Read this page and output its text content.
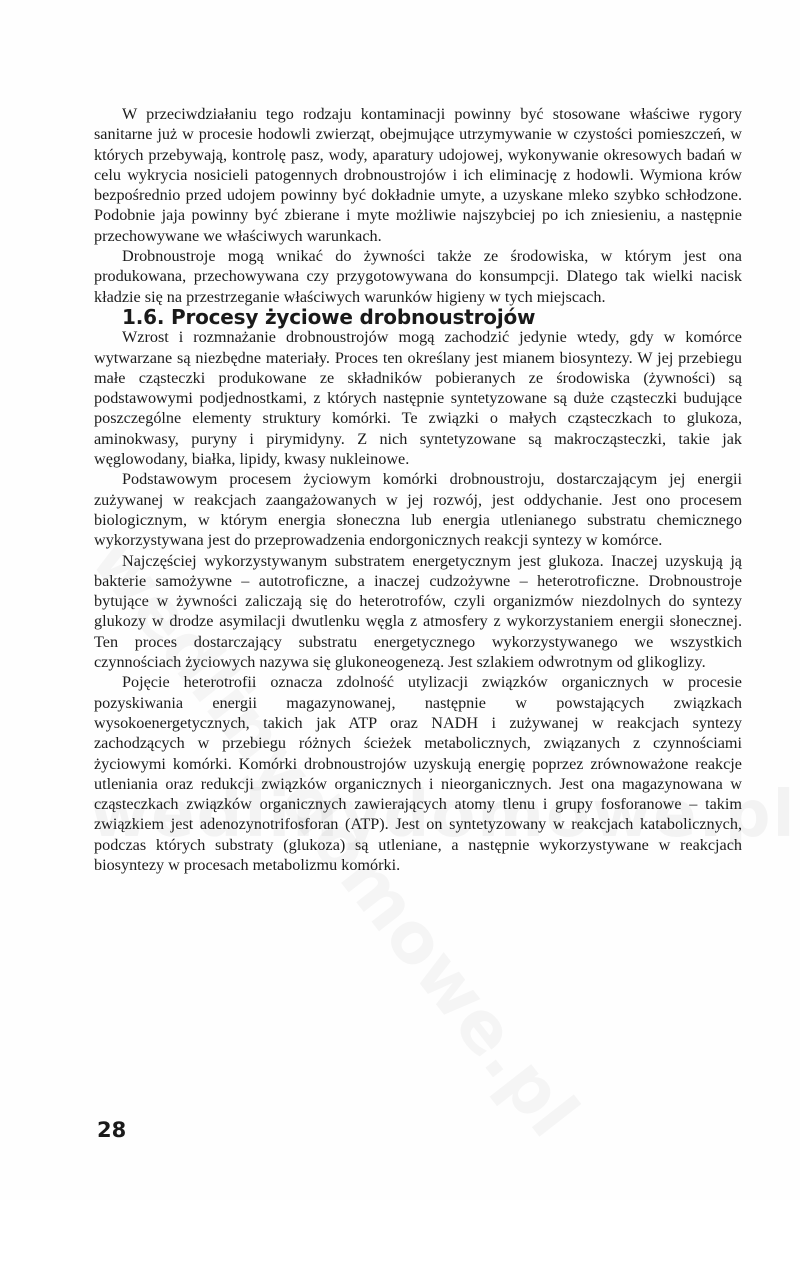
W przeciwdziałaniu tego rodzaju kontaminacji powinny być stosowane właściwe rygory sanitarne już w procesie hodowli zwierząt, obejmujące utrzymywanie w czystości pomieszczeń, w których przebywają, kontrolę pasz, wody, aparatury udojowej, wykonywanie okresowych badań w celu wykrycia nosicieli patogennych drobnoustrojów i ich eliminację z hodowli. Wymiona krów bezpośrednio przed udojem powinny być dokładnie umyte, a uzyskane mleko szybko schłodzone. Podobnie jaja powinny być zbierane i myte możliwie najszybciej po ich zniesieniu, a następnie przechowywane we właściwych warunkach.

Drobnoustroje mogą wnikać do żywności także ze środowiska, w którym jest ona produkowana, przechowywana czy przygotowywana do konsumpcji. Dlatego tak wielki nacisk kładzie się na przestrzeganie właściwych warunków higieny w tych miejscach.

1.6. Procesy życiowe drobnoustrojów

Wzrost i rozmnażanie drobnoustrojów mogą zachodzić jedynie wtedy, gdy w komórce wytwarzane są niezbędne materiały. Proces ten określany jest mianem biosyntezy. W jej przebiegu małe cząsteczki produkowane ze składników pobieranych ze środowiska (żywności) są podstawowymi podjednostkami, z których następnie syntetyzowane są duże cząsteczki budujące poszczególne elementy struktury komórki. Te związki o małych cząsteczkach to glukoza, aminokwasy, puryny i pirymidyny. Z nich syntetyzowane są makrocząsteczki, takie jak węglowodany, białka, lipidy, kwasy nukleinowe.

Podstawowym procesem życiowym komórki drobnoustroju, dostarczającym jej energii zużywanej w reakcjach zaangażowanych w jej rozwój, jest oddychanie. Jest ono procesem biologicznym, w którym energia słoneczna lub energia utlenianego substratu chemicznego wykorzystywana jest do przeprowadzenia endorgonicznych reakcji syntezy w komórce.

Najczęściej wykorzystywanym substratem energetycznym jest glukoza. Inaczej uzyskują ją bakterie samożywne – autotroficzne, a inaczej cudzożywne – heterotroficzne. Drobnoustroje bytujące w żywności zaliczają się do heterotrofów, czyli organizmów niezdolnych do syntezy glukozy w drodze asymilacji dwutlenku węgla z atmosfery z wykorzystaniem energii słonecznej. Ten proces dostarczający substratu energetycznego wykorzystywanego we wszystkich czynnościach życiowych nazywa się glukoneogenezą. Jest szlakiem odwrotnym od glikoglizy.

Pojęcie heterotrofii oznacza zdolność utylizacji związków organicznych w procesie pozyskiwania energii magazynowanej, następnie w powstających związkach wysokoenergetycznych, takich jak ATP oraz NADH i zużywanej w reakcjach syntezy zachodzących w przebiegu różnych ścieżek metabolicznych, związanych z czynnościami życiowymi komórki. Komórki drobnoustrojów uzyskują energię poprzez zrównoważone reakcje utleniania oraz redukcji związków organicznych i nieorganicznych. Jest ona magazynowana w cząsteczkach związków organicznych zawierających atomy tlenu i grupy fosforanowe – takim związkiem jest adenozynotrifosforan (ATP). Jest on syntetyzowany w reakcjach katabolicznych, podczas których substraty (glukoza) są utleniane, a następnie wykorzystywane w reakcjach biosyntezy w procesach metabolizmu komórki.

28
